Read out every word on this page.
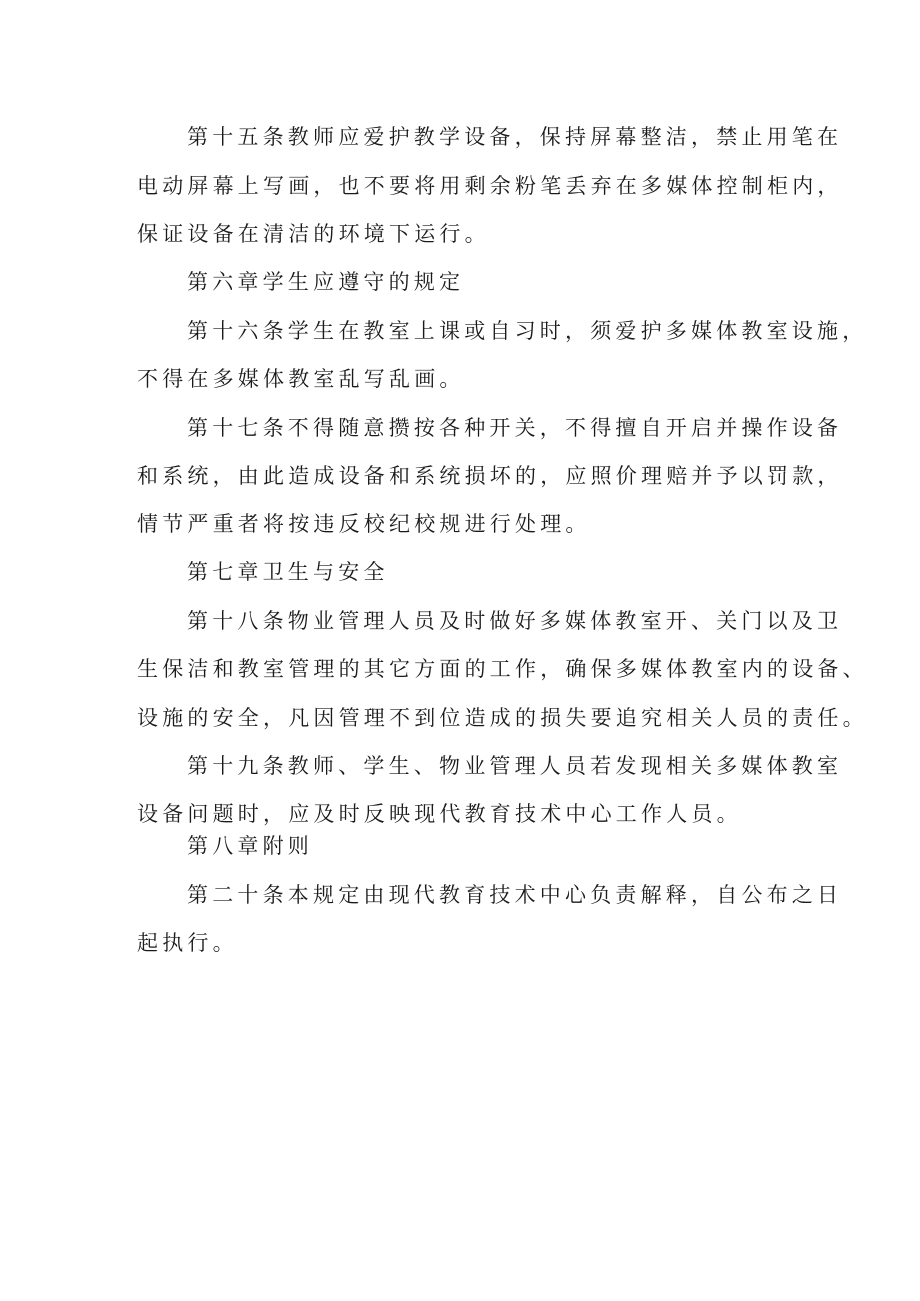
第十五条教师应爱护教学设备，保持屏幕整洁，禁止用笔在
电动屏幕上写画，也不要将用剩余粉笔丢弃在多媒体控制柜内，
保证设备在清洁的环境下运行。
第六章学生应遵守的规定
第十六条学生在教室上课或自习时，须爱护多媒体教室设施，
不得在多媒体教室乱写乱画。
第十七条不得随意攒按各种开关，不得擅自开启并操作设备
和系统，由此造成设备和系统损坏的，应照价理赔并予以罚款，
情节严重者将按违反校纪校规进行处理。
第七章卫生与安全
第十八条物业管理人员及时做好多媒体教室开、关门以及卫
生保洁和教室管理的其它方面的工作，确保多媒体教室内的设备、
设施的安全，凡因管理不到位造成的损失要追究相关人员的责任。
第十九条教师、学生、物业管理人员若发现相关多媒体教室
设备问题时，应及时反映现代教育技术中心工作人员。
第八章附则
第二十条本规定由现代教育技术中心负责解释，自公布之日
起执行。
